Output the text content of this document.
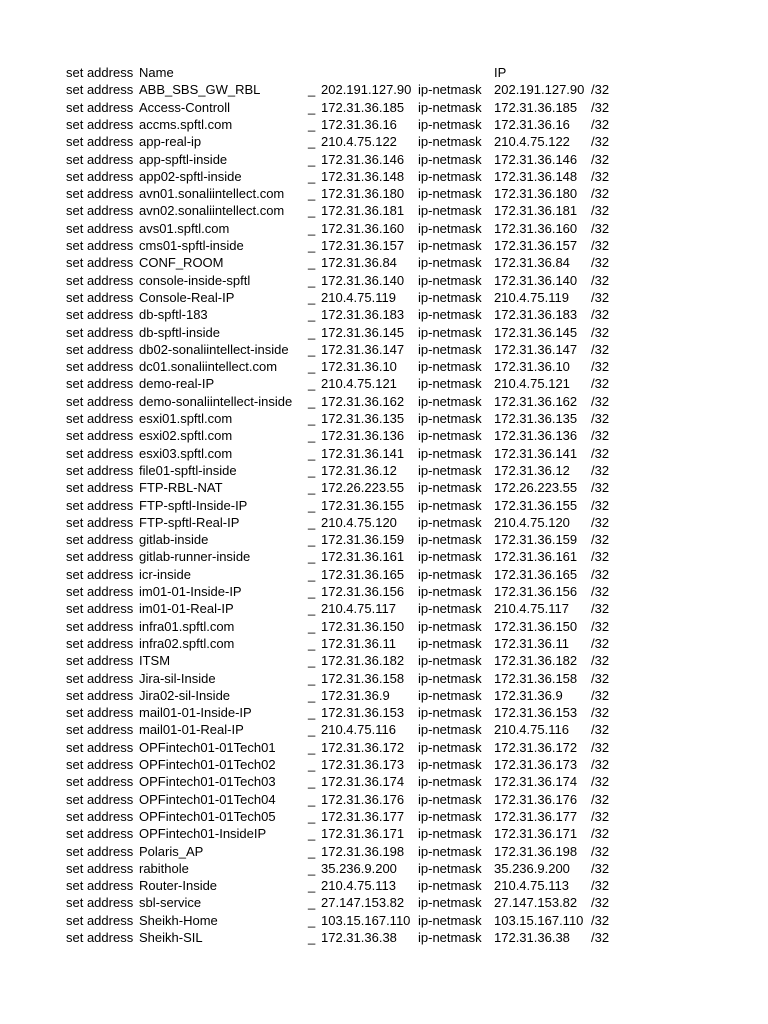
set address Name	IP
set address ABB_SBS_GW_RBL	_ 202.191.127.90 ip-netmask 202.191.127.90 /32
set address Access-Controll	_ 172.31.36.185 ip-netmask 172.31.36.185 /32
set address accms.spftl.com	_ 172.31.36.16 ip-netmask 172.31.36.16 /32
set address app-real-ip	_ 210.4.75.122 ip-netmask 210.4.75.122 /32
set address app-spftl-inside	_ 172.31.36.146 ip-netmask 172.31.36.146 /32
set address app02-spftl-inside	_ 172.31.36.148 ip-netmask 172.31.36.148 /32
set address avn01.sonaliintellect.com _ 172.31.36.180 ip-netmask 172.31.36.180 /32
set address avn02.sonaliintellect.com _ 172.31.36.181 ip-netmask 172.31.36.181 /32
set address avs01.spftl.com	_ 172.31.36.160 ip-netmask 172.31.36.160 /32
set address cms01-spftl-inside	_ 172.31.36.157 ip-netmask 172.31.36.157 /32
set address CONF_ROOM	_ 172.31.36.84 ip-netmask 172.31.36.84 /32
set address console-inside-spftl	_ 172.31.36.140 ip-netmask 172.31.36.140 /32
set address Console-Real-IP	_ 210.4.75.119 ip-netmask 210.4.75.119 /32
set address db-spftl-183	_ 172.31.36.183 ip-netmask 172.31.36.183 /32
set address db-spftl-inside	_ 172.31.36.145 ip-netmask 172.31.36.145 /32
set address db02-sonaliintellect-inside _ 172.31.36.147 ip-netmask 172.31.36.147 /32
set address dc01.sonaliintellect.com _ 172.31.36.10 ip-netmask 172.31.36.10 /32
set address demo-real-IP	_ 210.4.75.121 ip-netmask 210.4.75.121 /32
set address demo-sonaliintellect-inside _ 172.31.36.162 ip-netmask 172.31.36.162 /32
set address esxi01.spftl.com	_ 172.31.36.135 ip-netmask 172.31.36.135 /32
set address esxi02.spftl.com	_ 172.31.36.136 ip-netmask 172.31.36.136 /32
set address esxi03.spftl.com	_ 172.31.36.141 ip-netmask 172.31.36.141 /32
set address file01-spftl-inside	_ 172.31.36.12 ip-netmask 172.31.36.12 /32
set address FTP-RBL-NAT	_ 172.26.223.55 ip-netmask 172.26.223.55 /32
set address FTP-spftl-Inside-IP	_ 172.31.36.155 ip-netmask 172.31.36.155 /32
set address FTP-spftl-Real-IP	_ 210.4.75.120 ip-netmask 210.4.75.120 /32
set address gitlab-inside	_ 172.31.36.159 ip-netmask 172.31.36.159 /32
set address gitlab-runner-inside	_ 172.31.36.161 ip-netmask 172.31.36.161 /32
set address icr-inside	_ 172.31.36.165 ip-netmask 172.31.36.165 /32
set address im01-01-Inside-IP	_ 172.31.36.156 ip-netmask 172.31.36.156 /32
set address im01-01-Real-IP	_ 210.4.75.117 ip-netmask 210.4.75.117 /32
set address infra01.spftl.com	_ 172.31.36.150 ip-netmask 172.31.36.150 /32
set address infra02.spftl.com	_ 172.31.36.11 ip-netmask 172.31.36.11 /32
set address ITSM	_ 172.31.36.182 ip-netmask 172.31.36.182 /32
set address Jira-sil-Inside	_ 172.31.36.158 ip-netmask 172.31.36.158 /32
set address Jira02-sil-Inside	_ 172.31.36.9 ip-netmask 172.31.36.9 /32
set address mail01-01-Inside-IP	_ 172.31.36.153 ip-netmask 172.31.36.153 /32
set address mail01-01-Real-IP	_ 210.4.75.116 ip-netmask 210.4.75.116 /32
set address OPFintech01-01Tech01 _ 172.31.36.172 ip-netmask 172.31.36.172 /32
set address OPFintech01-01Tech02 _ 172.31.36.173 ip-netmask 172.31.36.173 /32
set address OPFintech01-01Tech03 _ 172.31.36.174 ip-netmask 172.31.36.174 /32
set address OPFintech01-01Tech04 _ 172.31.36.176 ip-netmask 172.31.36.176 /32
set address OPFintech01-01Tech05 _ 172.31.36.177 ip-netmask 172.31.36.177 /32
set address OPFintech01-InsideIP	_ 172.31.36.171 ip-netmask 172.31.36.171 /32
set address Polaris_AP	_ 172.31.36.198 ip-netmask 172.31.36.198 /32
set address rabithole	_ 35.236.9.200 ip-netmask 35.236.9.200 /32
set address Router-Inside	_ 210.4.75.113 ip-netmask 210.4.75.113 /32
set address sbl-service	_ 27.147.153.82 ip-netmask 27.147.153.82 /32
set address Sheikh-Home	_ 103.15.167.110 ip-netmask 103.15.167.110 /32
set address Sheikh-SIL	_ 172.31.36.38 ip-netmask 172.31.36.38 /32
